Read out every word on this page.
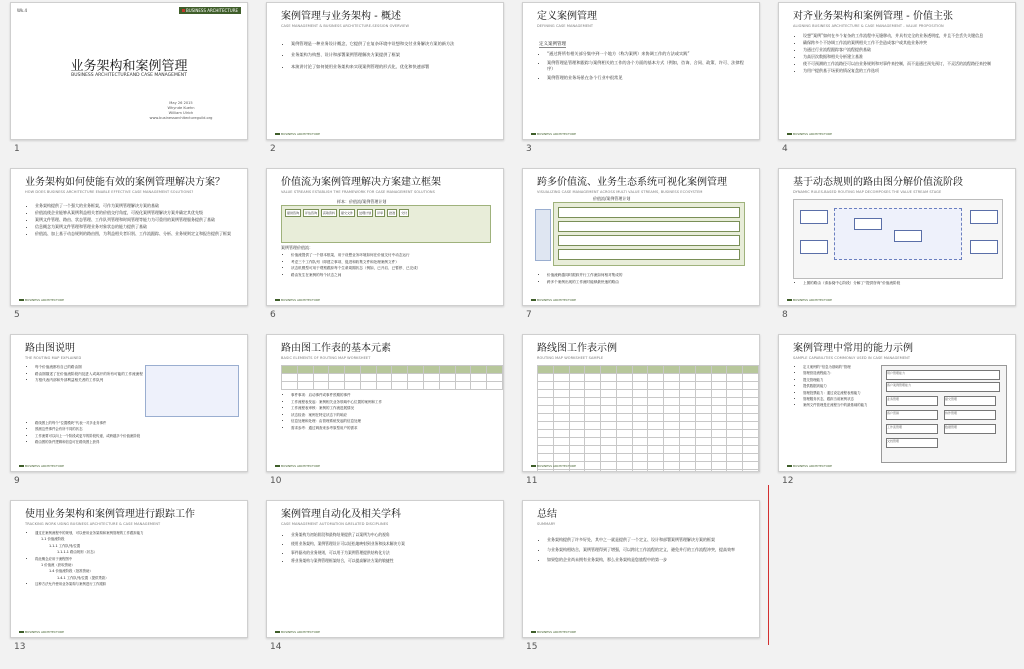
Wk.4	BUSINESS ARCHITECTURE
业务架构和案例管理
BUSINESS ARCHITECTUREAND CASE MANAGEMENT
May 26 2015
Whynde Kuehn
William Ulrich
www.businessarchitectureguild.org
1
案例管理与业务架构 - 概述
CASE MANAGEMENT & BUSINESS ARCHITECTURE-SESSION OVERVIEW
• 案例管理是一种业务设计概念，它提供了在复杂环境中设想和交付业务解决方案的新方法
• 业务架构为构想、设计和部署案例管理解决方案提供了框架
• 本演讲讨论了如何使用业务架构来实现案例管理的形式化、优化和快速部署
BUSINESS ARCHITECTURE
2
定义案例管理
DEFINING CASE MANAGEMENT
定义案例管理
• “通过将所有相关部分集中到一个地方（称为案例）来协调工作的方法或实践”
• 案例管理是管理和跟踪与案例相关的工作的各个方面的基本方式（例如，咨询、合同、政策、许可、法律程序）
• 案例管理的业务场景在各个行业中很常见
BUSINESS ARCHITECTURE
3
对齐业务架构和案例管理 - 价值主张
ALIGNING BUSINESS ARCHITECTURE & CASE MANAGEMENT - VALUE PROPOSITION
• 设想“案例”如何在多个复杂的工作流程中无缝移动，并具有完全的业务透明度，并且不会丢失关键信息
• 确保跨多个不协调工作流的案例相关工作不会造成客户或其他业务冲突
• 为通过行业流程跟踪客户流程提供基础
• 为高层次数据和相关分析建立基准
• 使不可预测的工作流路径可以由业务规则和对事件来控制，而不是通过预先预订，不灵活的流程路径来控制
• 为用户提供基于场景的情况复盘的工作选项
BUSINESS ARCHITECTURE
4
业务架构如何使能有效的案例管理解决方案？
HOW DOES BUSINESS ARCHITECTURE ENABLE EFFECTIVE CASE MANAGEMENT SOLUTIONS?
• 业务架构提供了一个强大的业务框架，可作为案例管理解决方案的基础
• 价值流使企业能够从案例利益相关者的价值交付角度，可视化案例管理解决方案并确定其优先级
• 案例文件管理、路由、状态管理、工作队列管理和时间管理等能力为可重用的案例管理服务提供了基础
• 信息概念为案例文件管理和管理业务对象状态的能力提供了基础
• 价值流、加上基于动态规则的路由图，为利益相关者识别、工作流跟踪、分析、业务规则定义和报告提供了框架
BUSINESS ARCHITECTURE
5
价值流为案例管理解决方案建立框架
VALUE STREAMS ESTABLISH THE FRAMEWORK FOR CASE MANAGEMENT SOLUTIONS
样本：价值流/案例管理计划
提供咨询	评估咨询	获取资料	提交文件	处理计划	评审	批准	交付
案例管理价值流：
• 价值流提供了一个基本框架，用于设想业务环境如何在价值交付中动态运行
• 考虑三个工作队列（即建立事项、促进和收集文件和处理案例文件）
• 状态机模型可用于观察跟踪每个生命周期状态（例如，已开启、已暂停、已完成）
• 路由发生在案例的每个状态之间
BUSINESS ARCHITECTURE
6
跨多价值流、业务生态系统可视化案例管理
VISUALIZING CASE MANAGEMENT ACROSS MULTI VALUE STREAMS, BUSINESS ECOSYSTEM
价值流/案例管理计划
• 价值流跨越同时跟踪并行工作流如何相对集成的
• 跨多个案例出现的工作流时能够最快速的路由
BUSINESS ARCHITECTURE
7
基于动态规则的路由图分解价值流阶段
DYNAMIC RULES-BASED ROUTING MAP DECOMPOSES THE VALUE STREAM STAGE
• 上图的路由（请参阅中心阶段）分解了“提供咨询”价值流阶段
BUSINESS ARCHITECTURE
8
路由图说明
THE ROUTING MAP EXPLAINED
• 每个价值流都有自己的路由图
• 路由图描述了在价值流阶段内及进入或离开的所有可能的工作流流程
• 方框代表内部和外部利益相关者的工作队列
• 路线图上的每个“位置模块”代表一对多业务事件
• 预测这些事件会有所不同的状态
• 工作流要可以向上一个阶段或更早的阶段传递，或跨越多个价值流阶段
• 路由图的条件逻辑和信息可在路线图上获得
BUSINESS ARCHITECTURE
9
路由图工作表的基本元素
BASIC ELEMENTS OF ROUTING MAP WORKSHEET

• 事件事项：启动事件或事件预期的事件
• 工作流程表发起：案例相关业务领域中心位置的案例和工作
• 工作流程表审核：案例的工作流进展情况
• 状态检查：案例在特定状态下的响应
• 信息处理和处理：由管理系统发起的信息处理
• 需求参考：通过调查来参考原型用户的需求
BUSINESS ARCHITECTURE
10
路线图工作表示例
ROUTING MAP WORKSHEET SAMPLE

BUSINESS ARCHITECTURE
11
案例管理中常用的能力示例
SAMPLE CAPABILITIES COMMONLY USED IN CASE MANAGEMENT
• 定义案例的“信息为基础的”管理
• 管理营造流程能力：
• 提交管理能力
• 提供数据到能力
• 管理投票能力：通过设定流程表格能力
• 管理服务状态，跟踪当前案例状态
• 案例文件管理是在流程当中的最基础的能力
用户管理能力
客户案例管理能力
业务管理	提交管理
客户营销	协作管理
工作流管理	数据管理
文档管理
BUSINESS ARCHITECTURE
12
使用业务架构和案例管理进行跟踪工作
TRACKING WORK USING BUSINESS ARCHITECTURE & CASE MANAGEMENT
• 通过在案例流程中的规划，可以使用业务架构和案例管理的工作跟踪能力
1.1 价值流阶段
1.1.1 工作队列/位置
1.1.1.1 路由规则（状态）
• 将此概念应用于流程图中
1 价值流（获取资助）
1.4 价值流阶段（批准资助）
1.4.1 工作队列/位置（提供贷款）
• 这种方法允许使用业务架构与案例进行工作跟踪
BUSINESS ARCHITECTURE
13
案例管理自动化及相关学科
CASE MANAGEMENT AUTOMATION &RELATED DISCIPLINES
• 业务架构为初始阶段和最终结果提供了以案例为中心的视角
• 使用业务架构，案例管理设计可以轻松地映射到业务和技术解决方案
• 事件驱动的业务规则，可以用于为案例管理提供结构化方法
• 将业务架构与案例管理框架结合，可以提高解决方案的敏捷性
BUSINESS ARCHITECTURE
14
总结
SUMMARY
• 业务架构提供了许多好处，其中之一就是提供了一个定义、设计和部署案例管理解决方案的框架
• 与业务架构相结合，案例管理得到了增强，可以跨比工作流程的定义，避免并行的工作流程冲突，提高效率
• 如果您的企业尚未拥有业务架构，那么业务架构是您旅程中的第一步
BUSINESS ARCHITECTURE
15
